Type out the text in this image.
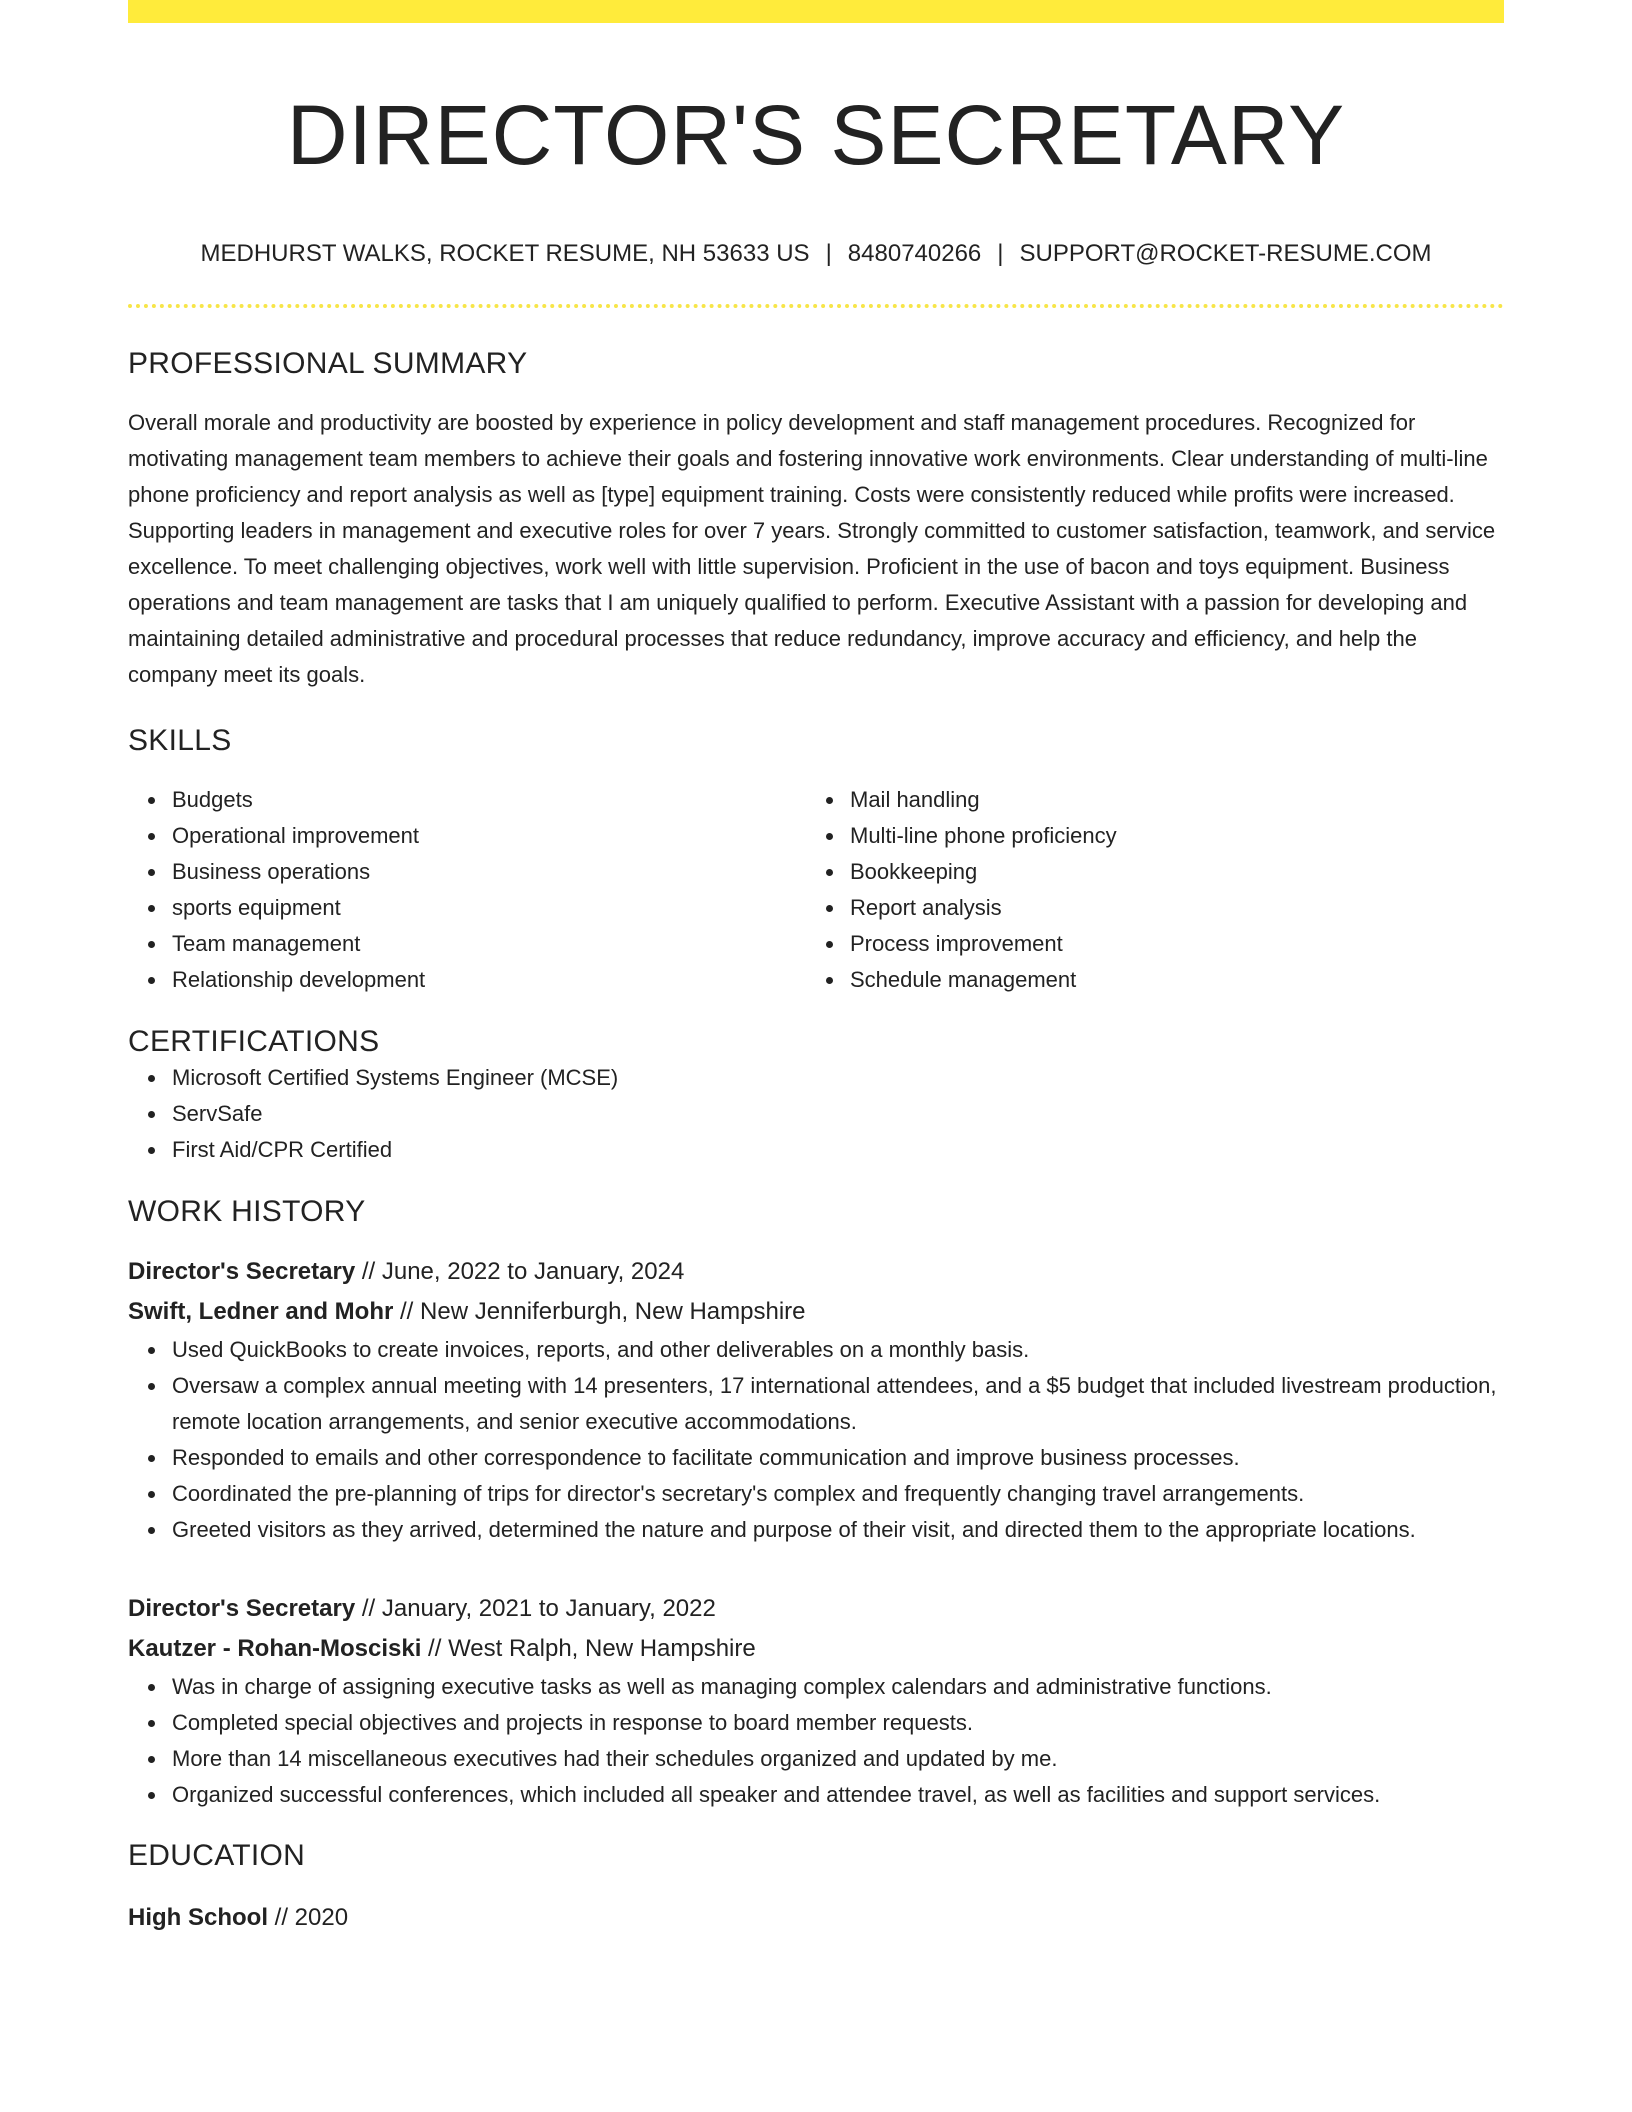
DIRECTOR'S SECRETARY
MEDHURST WALKS, ROCKET RESUME, NH 53633 US | 8480740266 | SUPPORT@ROCKET-RESUME.COM
PROFESSIONAL SUMMARY
Overall morale and productivity are boosted by experience in policy development and staff management procedures. Recognized for motivating management team members to achieve their goals and fostering innovative work environments. Clear understanding of multi-line phone proficiency and report analysis as well as [type] equipment training. Costs were consistently reduced while profits were increased. Supporting leaders in management and executive roles for over 7 years. Strongly committed to customer satisfaction, teamwork, and service excellence. To meet challenging objectives, work well with little supervision. Proficient in the use of bacon and toys equipment. Business operations and team management are tasks that I am uniquely qualified to perform. Executive Assistant with a passion for developing and maintaining detailed administrative and procedural processes that reduce redundancy, improve accuracy and efficiency, and help the company meet its goals.
SKILLS
Budgets
Operational improvement
Business operations
sports equipment
Team management
Relationship development
Mail handling
Multi-line phone proficiency
Bookkeeping
Report analysis
Process improvement
Schedule management
CERTIFICATIONS
Microsoft Certified Systems Engineer (MCSE)
ServSafe
First Aid/CPR Certified
WORK HISTORY
Director's Secretary // June, 2022 to January, 2024
Swift, Ledner and Mohr // New Jenniferburgh, New Hampshire
Used QuickBooks to create invoices, reports, and other deliverables on a monthly basis.
Oversaw a complex annual meeting with 14 presenters, 17 international attendees, and a $5 budget that included livestream production, remote location arrangements, and senior executive accommodations.
Responded to emails and other correspondence to facilitate communication and improve business processes.
Coordinated the pre-planning of trips for director's secretary's complex and frequently changing travel arrangements.
Greeted visitors as they arrived, determined the nature and purpose of their visit, and directed them to the appropriate locations.
Director's Secretary // January, 2021 to January, 2022
Kautzer - Rohan-Mosciski // West Ralph, New Hampshire
Was in charge of assigning executive tasks as well as managing complex calendars and administrative functions.
Completed special objectives and projects in response to board member requests.
More than 14 miscellaneous executives had their schedules organized and updated by me.
Organized successful conferences, which included all speaker and attendee travel, as well as facilities and support services.
EDUCATION
High School // 2020
